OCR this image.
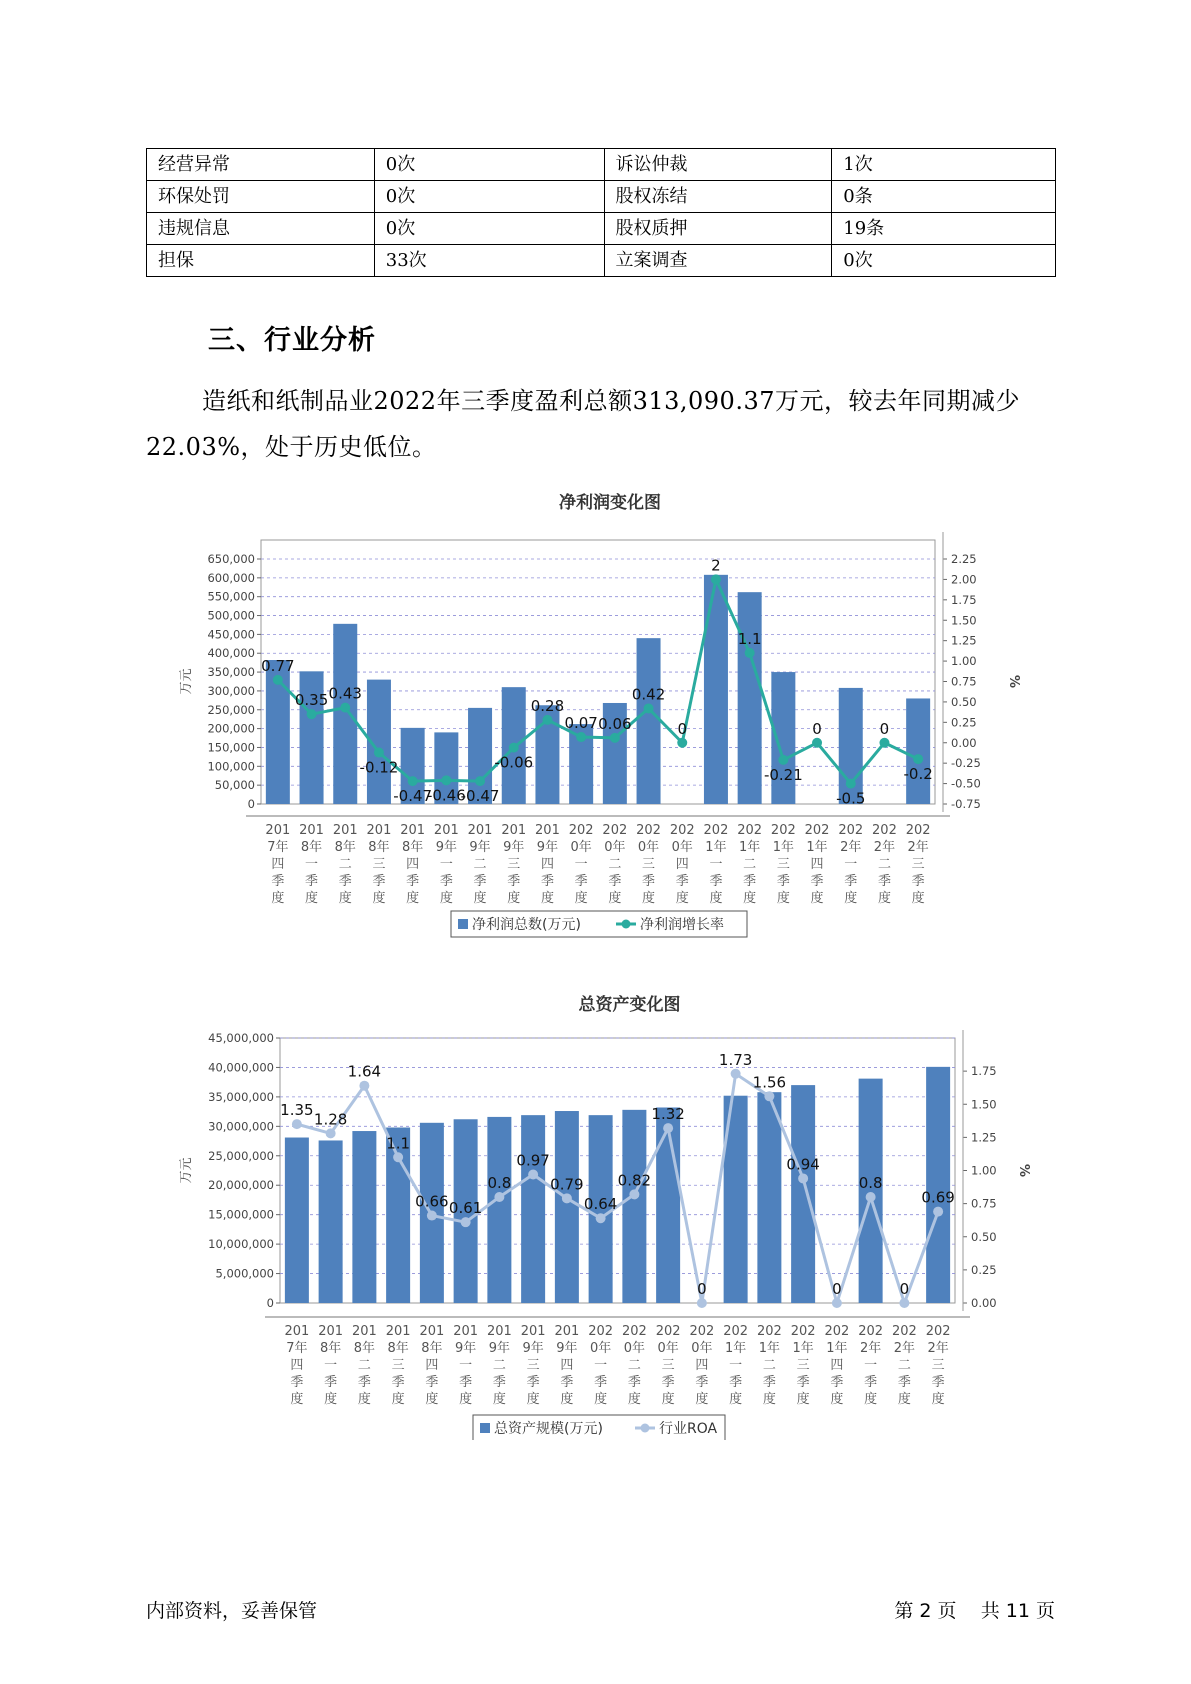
经营异常	0次	诉讼仲裁	1次
环保处罚	0次	股权冻结	0条
违规信息	0次	股权质押	19条
担保	33次	立案调查	0次
三、行业分析

造纸和纸制品业2022年三季度盈利总额313,090.37万元，较去年同期减少22.03%，处于历史低位。

净利润变化图
0
50,000
100,000
150,000
200,000
250,000
300,000
350,000
400,000
450,000
500,000
550,000
600,000
650,000
-0.75
-0.50
-0.25
0.00
0.25
0.50
0.75
1.00
1.25
1.50
1.75
2.00
2.25
万元	%
201
7年
四
季
度
201
8年
一
季
度
201
8年
二
季
度
201
8年
三
季
度
201
8年
四
季
度
201
9年
一
季
度
201
9年
二
季
度
201
9年
三
季
度
201
9年
四
季
度
202
0年
一
季
度
202
0年
二
季
度
202
0年
三
季
度
202
0年
四
季
度
202
1年
一
季
度
202
1年
二
季
度
202
1年
三
季
度
202
1年
四
季
度
202
2年
一
季
度
202
2年
二
季
度
202
2年
三
季
度
0.77
0.35 0.43
-0.12
-0.47
-0.46
-0.47
-0.06
0.28
0.07 0.06
0.42
0
2
1.1
-0.21
0
-0.5
0
-0.2
净利润总数(万元)	净利润增长率
总资产变化图
0
5,000,000
10,000,000
15,000,000
20,000,000
25,000,000
30,000,000
35,000,000
40,000,000
45,000,000
0.00
0.25
0.50
0.75
1.00
1.25
1.50
1.75
万元	%
201
7年
四
季
度
201
8年
一
季
度
201
8年
二
季
度
201
8年
三
季
度
201
8年
四
季
度
201
9年
一
季
度
201
9年
二
季
度
201
9年
三
季
度
201
9年
四
季
度
202
0年
一
季
度
202
0年
二
季
度
202
0年
三
季
度
202
0年
四
季
度
202
1年
一
季
度
202
1年
二
季
度
202
1年
三
季
度
202
1年
四
季
度
202
2年
一
季
度
202
2年
二
季
度
202
2年
三
季
度
1.35
1.28
1.64
1.1
0.66 0.61
0.8
0.97
0.79
0.64
0.82
1.32
0
1.73
1.56
0.94
0
0.8
0
0.69
总资产规模(万元)	行业ROA
内部资料，妥善保管	第 2 页 共 11 页
